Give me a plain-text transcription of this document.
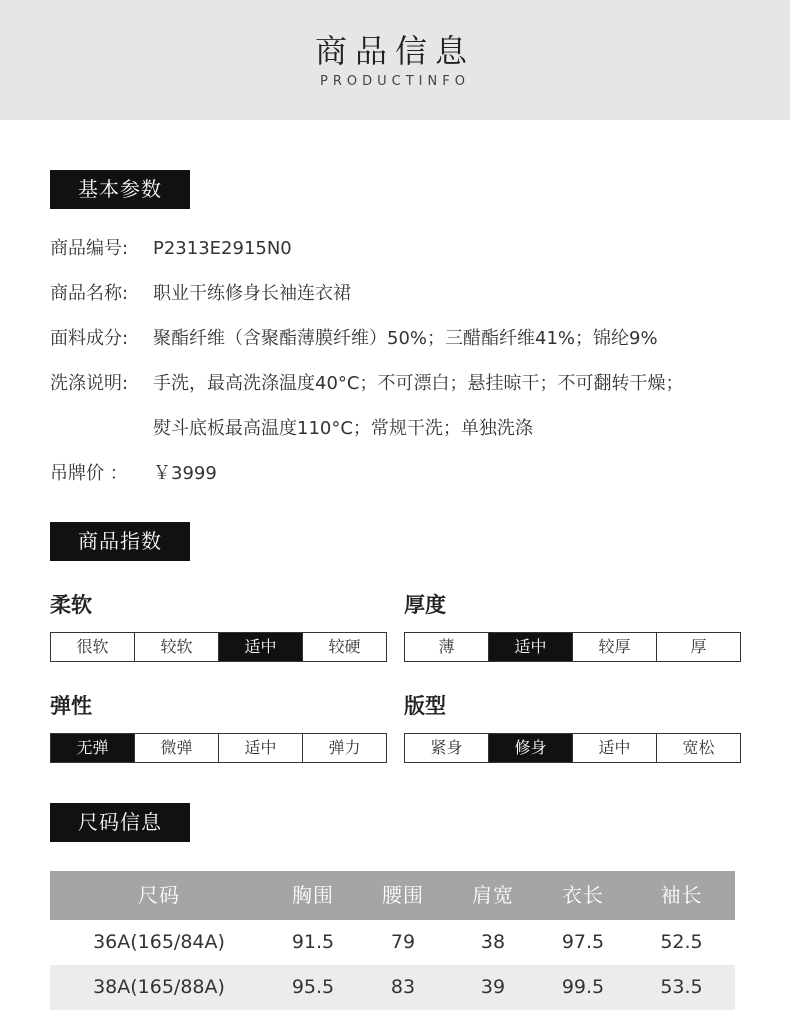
商品信息
PRODUCTINFO
基本参数
商品编号: P2313E2915N0
商品名称: 职业干练修身长袖连衣裙
面料成分: 聚酯纤维（含聚酯薄膜纤维）50%；三醋酯纤维41%；锦纶9%
洗涤说明: 手洗，最高洗涤温度40°C；不可漂白；悬挂晾干；不可翻转干燥；
熨斗底板最高温度110°C；常规干洗；单独洗涤
吊牌价 ： ￥3999
商品指数
柔软
很软	较软	适中	较硬
厚度
薄	适中	较厚	厚
弹性
无弹	微弹	适中	弹力
版型
紧身	修身	适中	宽松
尺码信息
尺码	胸围	腰围	肩宽	衣长	袖长
36A(165/84A)	91.5	79	38	97.5	52.5
38A(165/88A)	95.5	83	39	99.5	53.5
